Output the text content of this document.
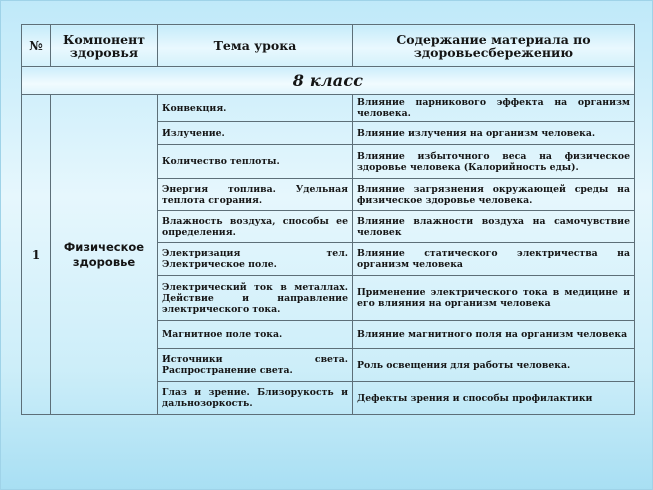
№	Компонент здоровья	Тема урока	Содержание материала по здоровьесбережению
8 класс			
1	Физическое здоровье	Конвекция.	Влияние парникового эффекта на организм человека.
		Излучение.	Влияние излучения на организм человека.
		Количество теплоты.	Влияние избыточного веса на физическое здоровье человека (Калорийность еды).
		Энергия топлива. Удельная теплота сгорания.	Влияние загрязнения окружающей среды на физическое здоровье человека.
		Влажность воздуха, способы ее определения.	Влияние влажности воздуха на самочувствие человек
		Электризация тел. Электрическое поле.	Влияние статического электричества на организм человека
		Электрический ток в металлах. Действие и направление электрического тока.	Применение электрического тока в медицине и его влияния на организм человека
		Магнитное поле тока.	Влияние магнитного поля на организм человека
		Источники света. Распространение света.	Роль освещения для работы человека.
		Глаз и зрение. Близорукость и дальнозоркость.	Дефекты зрения и способы профилактики
